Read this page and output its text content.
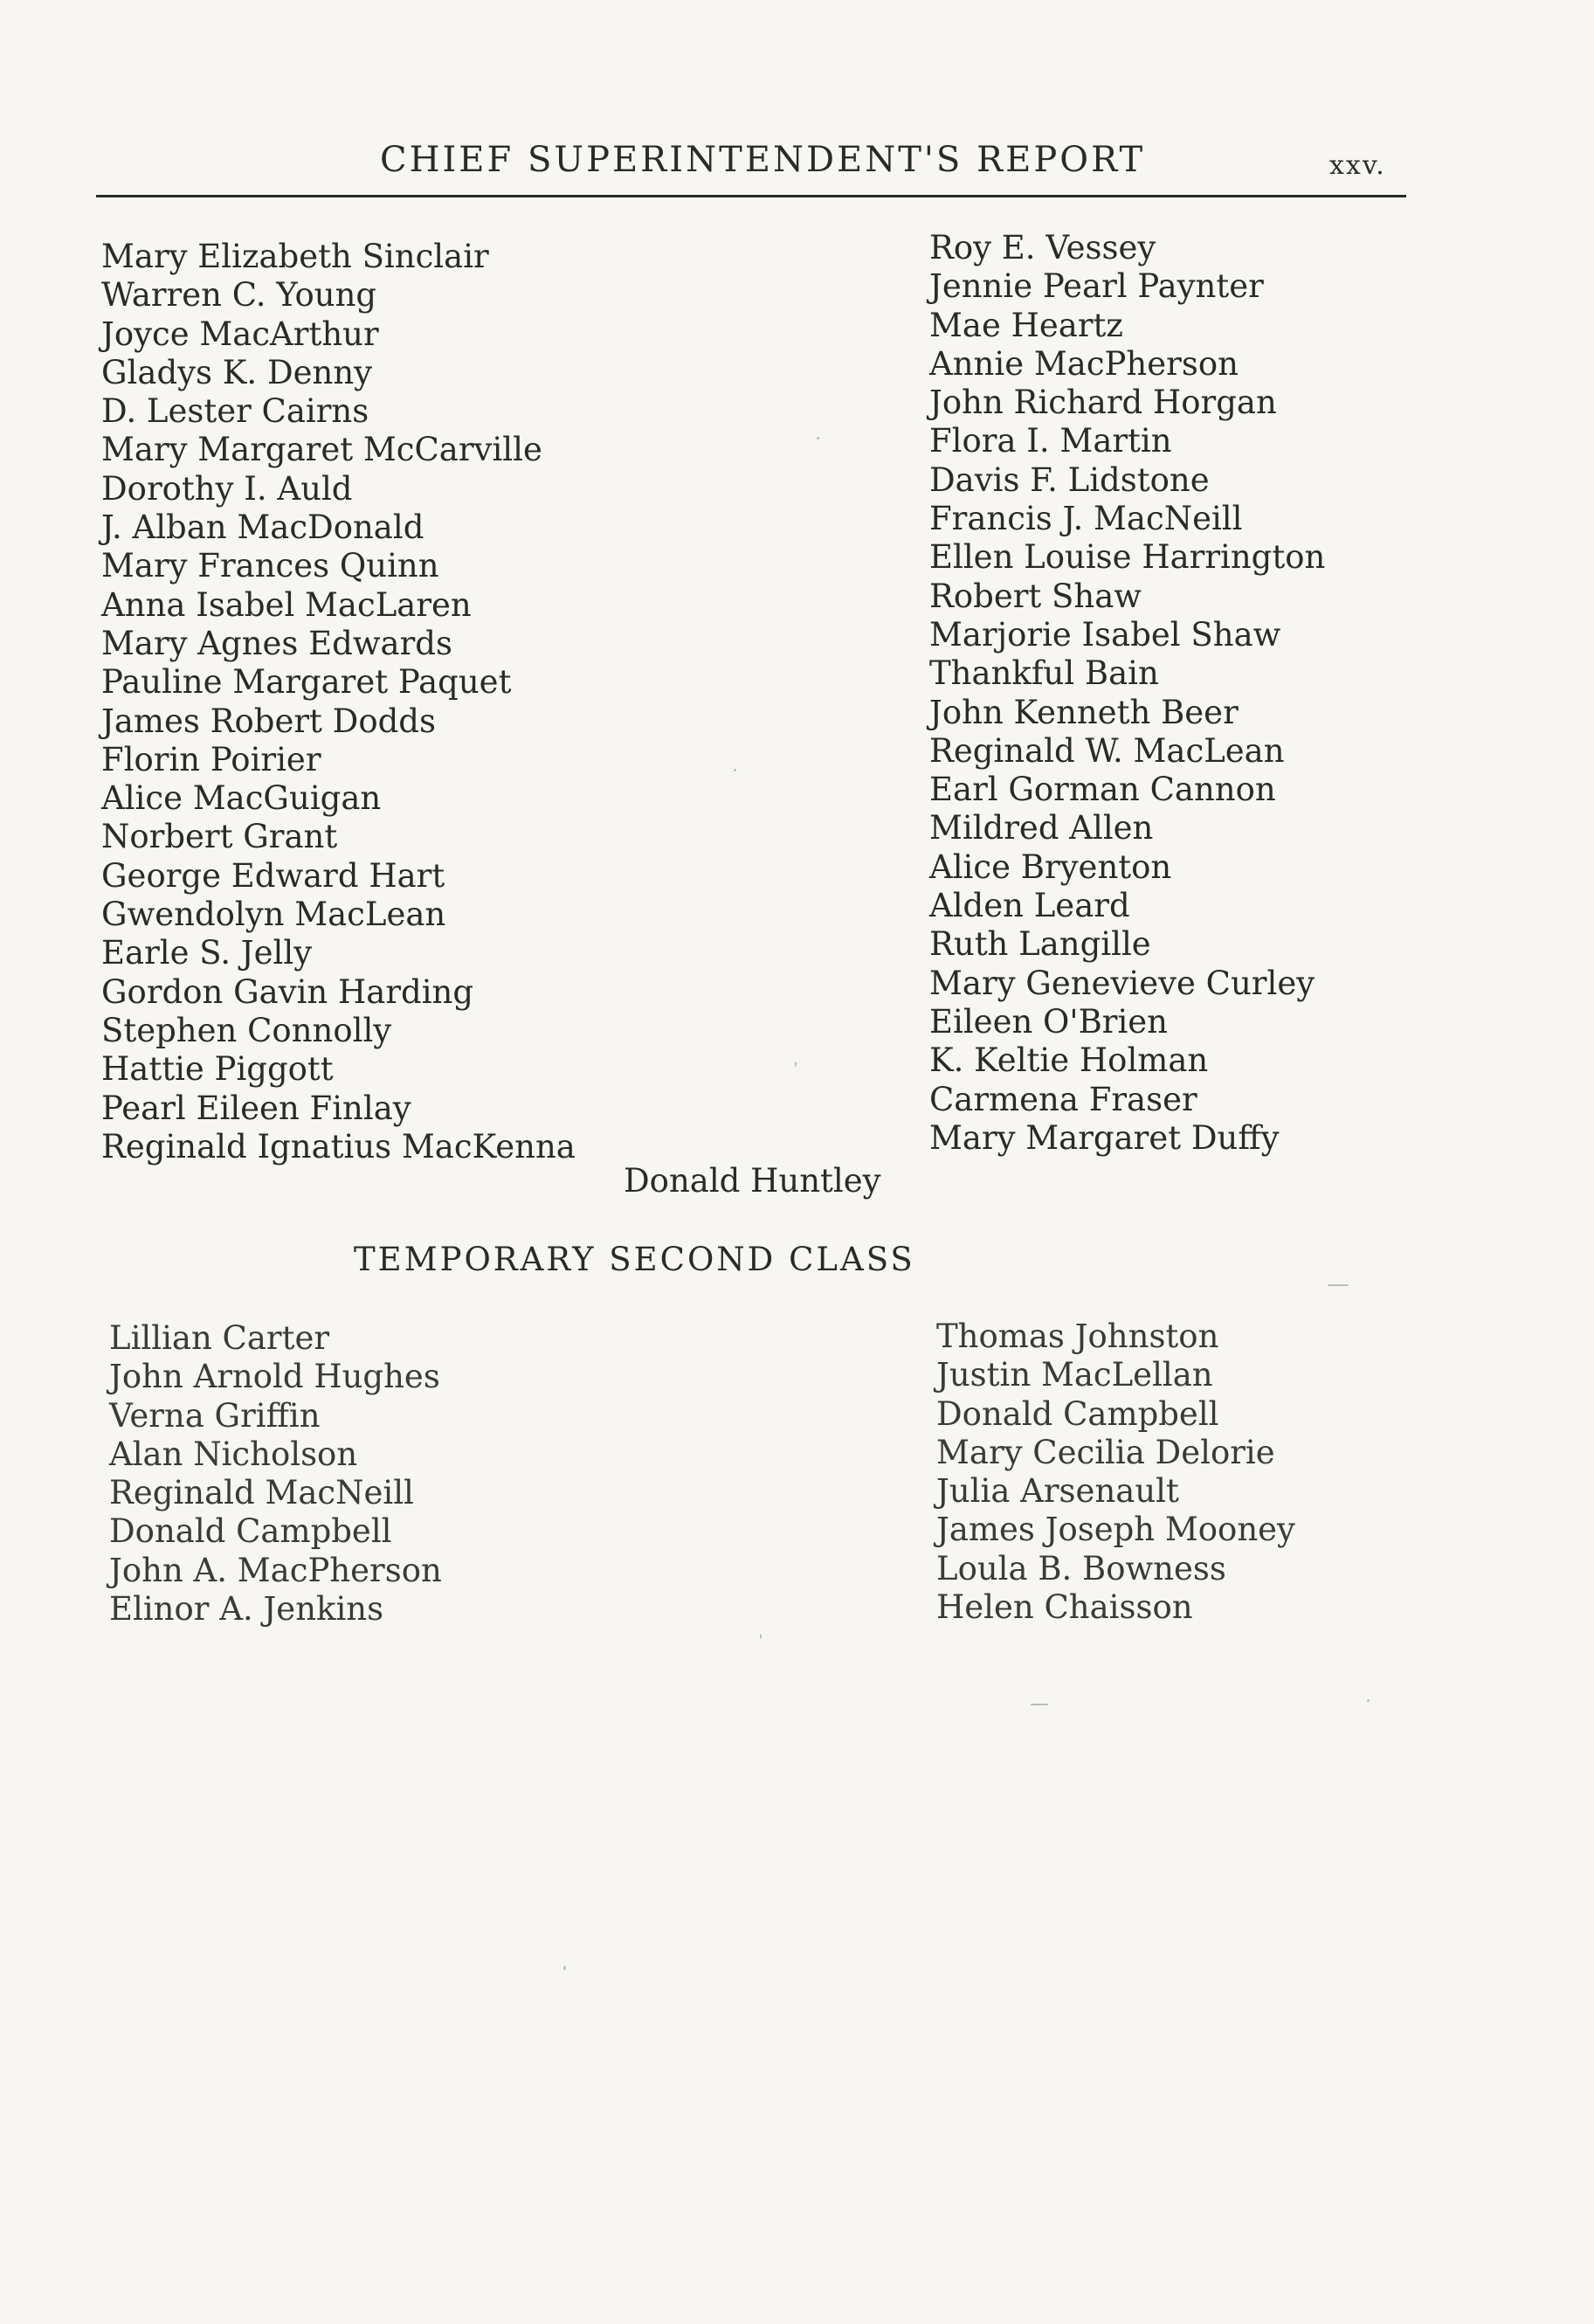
CHIEF SUPERINTENDENT'S REPORT	xxv.
Mary Elizabeth Sinclair
Warren C. Young
Joyce MacArthur
Gladys K. Denny
D. Lester Cairns
Mary Margaret McCarville
Dorothy I. Auld
J. Alban MacDonald
Mary Frances Quinn
Anna Isabel MacLaren
Mary Agnes Edwards
Pauline Margaret Paquet
James Robert Dodds
Florin Poirier
Alice MacGuigan
Norbert Grant
George Edward Hart
Gwendolyn MacLean
Earle S. Jelly
Gordon Gavin Harding
Stephen Connolly
Hattie Piggott
Pearl Eileen Finlay
Reginald Ignatius MacKenna
Roy E. Vessey
Jennie Pearl Paynter
Mae Heartz
Annie MacPherson
John Richard Horgan
Flora I. Martin
Davis F. Lidstone
Francis J. MacNeill
Ellen Louise Harrington
Robert Shaw
Marjorie Isabel Shaw
Thankful Bain
John Kenneth Beer
Reginald W. MacLean
Earl Gorman Cannon
Mildred Allen
Alice Bryenton
Alden Leard
Ruth Langille
Mary Genevieve Curley
Eileen O'Brien
K. Keltie Holman
Carmena Fraser
Mary Margaret Duffy
Donald Huntley
TEMPORARY SECOND CLASS
Lillian Carter
John Arnold Hughes
Verna Griffin
Alan Nicholson
Reginald MacNeill
Donald Campbell
John A. MacPherson
Elinor A. Jenkins
Thomas Johnston
Justin MacLellan
Donald Campbell
Mary Cecilia Delorie
Julia Arsenault
James Joseph Mooney
Loula B. Bowness
Helen Chaisson
